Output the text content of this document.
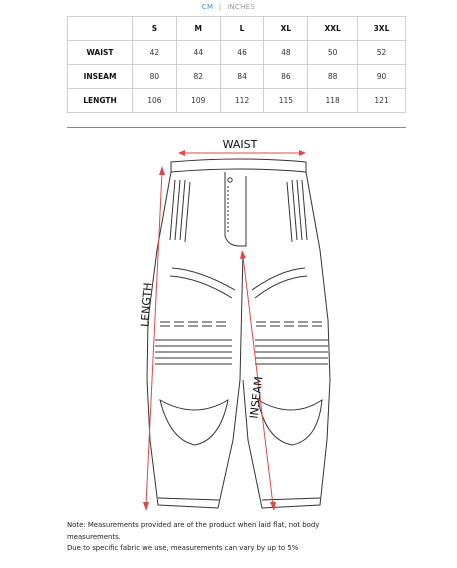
CM | INCHES
	S	M	L	XL	XXL	3XL
WAIST	42	44	46	48	50	52
INSEAM	80	82	84	86	88	90
LENGTH	106	109	112	115	118	121
WAIST
LENGTH
INSEAM
Note: Measurements provided are of the product when laid flat, not body measurements.
Due to specific fabric we use, measurements can vary by up to 5%
